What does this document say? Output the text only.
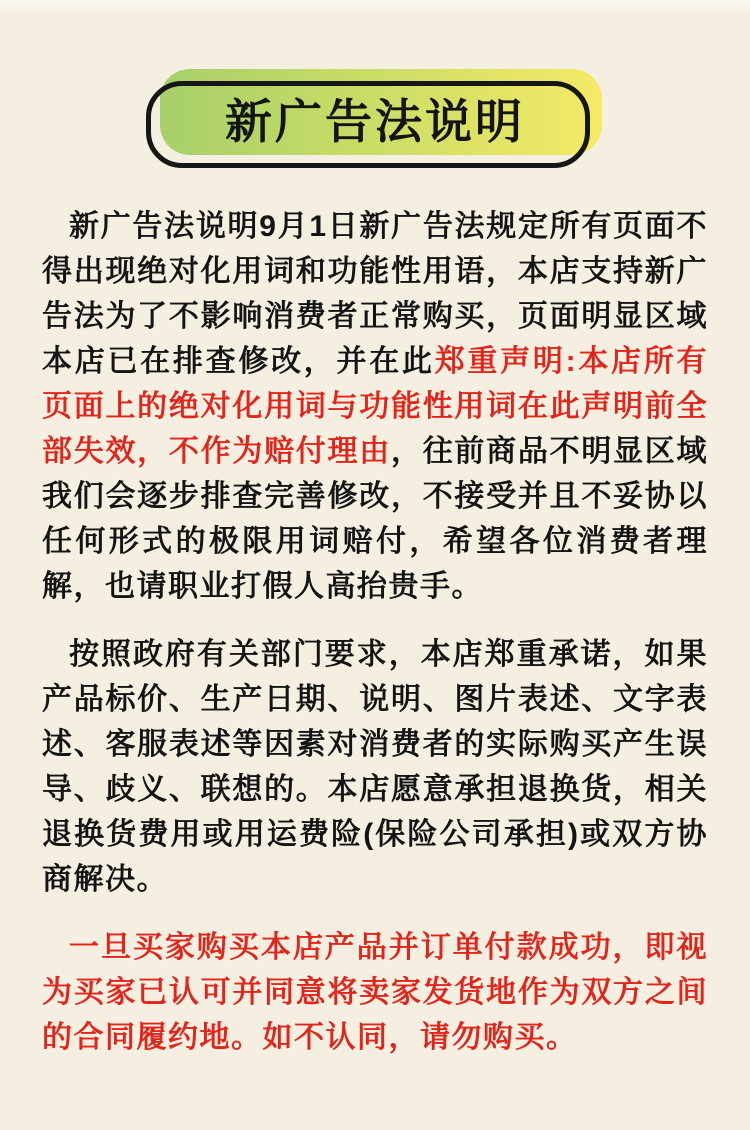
新广告法说明

新广告法说明9月1日新广告法规定所有页面不得出现绝对化用词和功能性用语，本店支持新广告法为了不影响消费者正常购买，页面明显区域本店已在排查修改，并在此郑重声明:本店所有页面上的绝对化用词与功能性用词在此声明前全部失效，不作为赔付理由，往前商品不明显区域我们会逐步排查完善修改，不接受并且不妥协以任何形式的极限用词赔付，希望各位消费者理解，也请职业打假人高抬贵手。

按照政府有关部门要求，本店郑重承诺，如果产品标价、生产日期、说明、图片表述、文字表述、客服表述等因素对消费者的实际购买产生误导、歧义、联想的。本店愿意承担退换货，相关退换货费用或用运费险(保险公司承担)或双方协商解决。

一旦买家购买本店产品并订单付款成功，即视为买家已认可并同意将卖家发货地作为双方之间的合同履约地。如不认同，请勿购买。
